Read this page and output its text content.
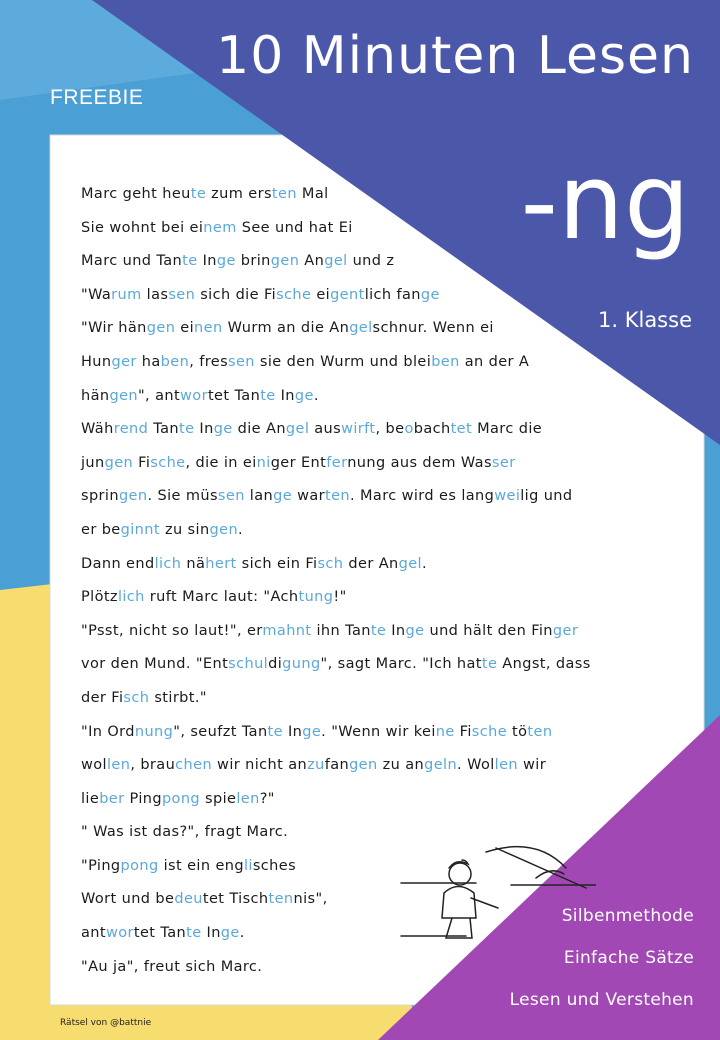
FREEBIE
Marc geht heute zum ersten Mal
Sie wohnt bei einem See und hat Ei
Marc und Tante Inge bringen Angel und z
"Warum lassen sich die Fische eigentlich fange
"Wir hängen einen Wurm an die Angelschnur. Wenn ei
Hunger haben, fressen sie den Wurm und bleiben an der A
hängen", antwortet Tante Inge.
Während Tante Inge die Angel auswirft, beobachtet Marc die
jungen Fische, die in einiger Entfernung aus dem Wasser
springen. Sie müssen lange warten. Marc wird es langweilig und
er beginnt zu singen.
Dann endlich nähert sich ein Fisch der Angel.
Plötzlich ruft Marc laut: "Achtung!"
"Psst, nicht so laut!", ermahnt ihn Tante Inge und hält den Finger
vor den Mund. "Entschuldigung", sagt Marc. "Ich hatte Angst, dass
der Fisch stirbt."
"In Ordnung", seufzt Tante Inge. "Wenn wir keine Fische töten
wollen, brauchen wir nicht anzufangen zu angeln. Wollen wir
lieber Pingpong spielen?"
" Was ist das?", fragt Marc.
"Pingpong ist ein englisches
Wort und bedeutet Tischtennis",
antwortet Tante Inge.
"Au ja", freut sich Marc.
10 Minuten Lesen
-ng
1. Klasse
Silbenmethode
Einfache Sätze
Lesen und Verstehen
Rätsel von @battnie
